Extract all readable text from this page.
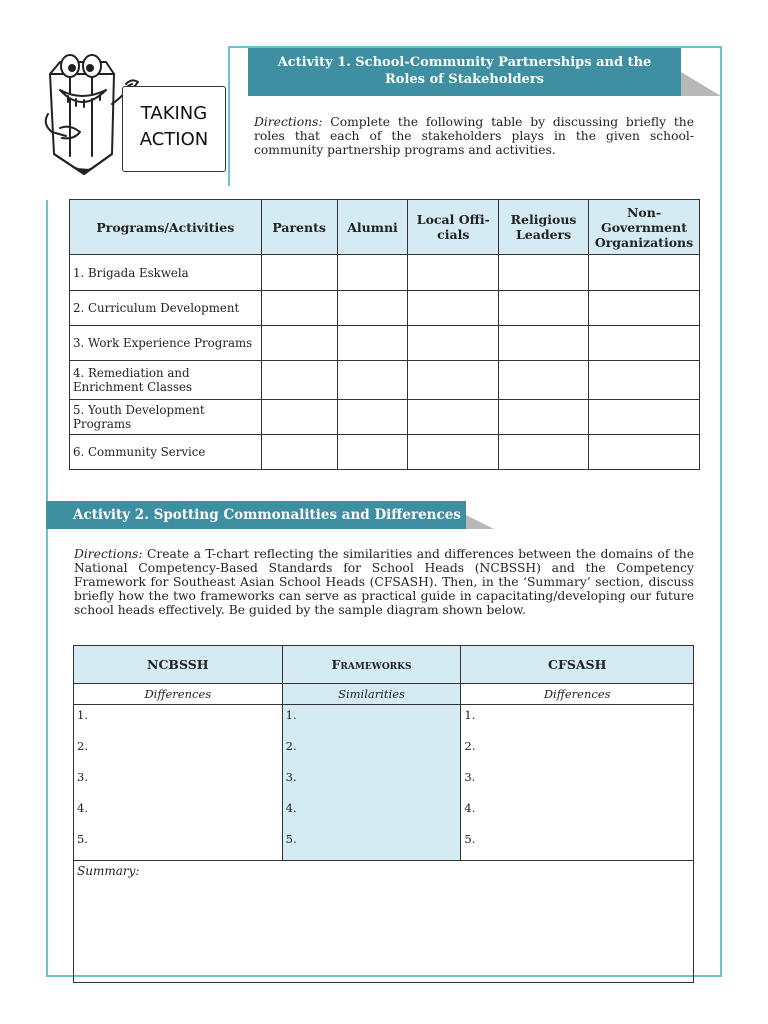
TAKING
ACTION
Activity 1. School-Community Partnerships and the
Roles of Stakeholders
Directions: Complete the following table by discussing briefly the roles that each of the stakeholders plays in the given school-community partnership programs and activities.
Programs/Activities	Parents	Alumni	Local Offi-cials	Religious Leaders	Non-Government Organizations
1. Brigada Eskwela					
2. Curriculum Development					
3. Work Experience Programs					
4. Remediation and Enrichment Classes					
5. Youth Development Programs					
6. Community Service					
Activity 2. Spotting Commonalities and Differences
Directions: Create a T-chart reflecting the similarities and differences between the domains of the National Competency-Based Standards for School Heads (NCBSSH) and the Competency Framework for Southeast Asian School Heads (CFSASH). Then, in the ‘Summary’ section, discuss briefly how the two frameworks can serve as practical guide in capacitating/developing our future school heads effectively. Be guided by the sample diagram shown below.
NCBSSH	Frameworks	CFSASH
Differences	Similarities	Differences
1.	1.	1.
2.	2.	2.
3.	3.	3.
4.	4.	4.
5.	5.	5.
Summary:		
